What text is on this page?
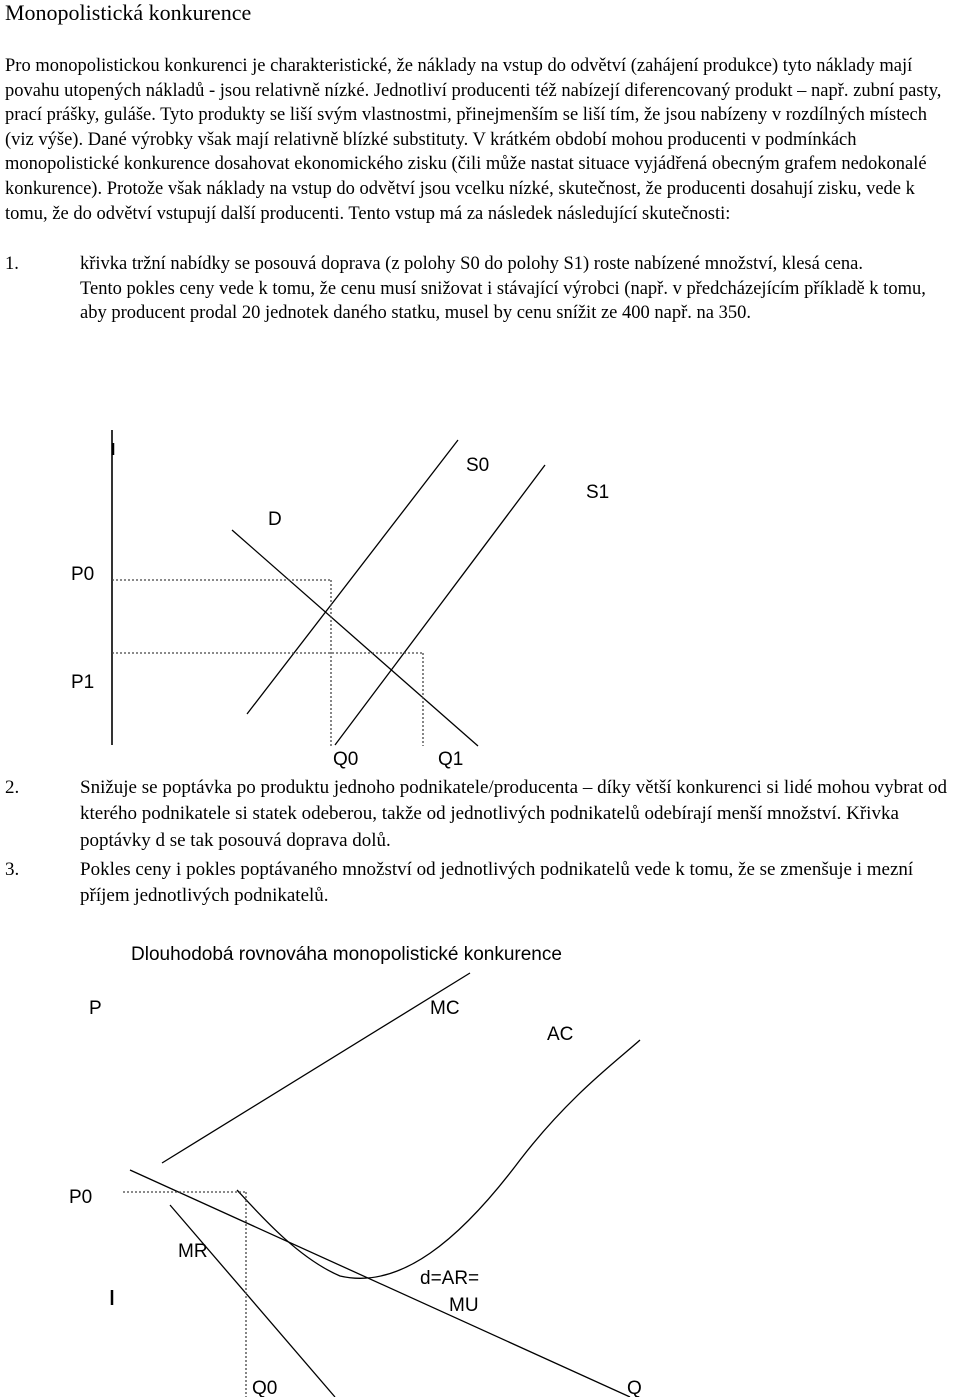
Monopolistická konkurence
Pro monopolistickou konkurenci je charakteristické, že náklady na vstup do odvětví (zahájení produkce) tyto náklady mají povahu utopených nákladů - jsou relativně nízké. Jednotliví producenti též nabízejí diferencovaný produkt – např. zubní pasty, prací prášky, guláše. Tyto produkty se liší svým vlastnostmi, přinejmenším se liší tím, že jsou nabízeny v rozdílných místech (viz výše). Dané výrobky však mají relativně blízké substituty. V krátkém období mohou producenti v podmínkách monopolistické konkurence dosahovat ekonomického zisku (čili může nastat situace vyjádřená obecným grafem nedokonalé konkurence). Protože však náklady na vstup do odvětví jsou vcelku nízké, skutečnost, že producenti dosahují zisku, vede k tomu, že do odvětví vstupují další producenti. Tento vstup má za následek následující skutečnosti:
1.	křivka tržní nabídky se posouvá doprava (z polohy S0 do polohy S1) roste nabízené množství, klesá cena.

Tento pokles ceny vede k tomu, že cenu musí snižovat i stávající výrobci (např. v předcházejícím příkladě k tomu, aby producent prodal 20 jednotek daného statku, musel by cenu snížit ze 400 např. na 350.

S0
S1
D
P0
P1
Q0	Q1
2.	Snižuje se poptávka po produktu jednoho podnikatele/producenta – díky větší konkurenci si lidé mohou vybrat od kterého podnikatele si statek odeberou, takže od jednotlivých podnikatelů odebírají menší množství. Křivka poptávky d se tak posouvá doprava dolů.

3.	Pokles ceny i pokles poptávaného množství od jednotlivých podnikatelů vede k tomu, že se zmenšuje i mezní příjem jednotlivých podnikatelů.

Dlouhodobá rovnováha monopolistické konkurence
P	MC
AC
P0
MR
d=AR=
MU
Q0	Q
